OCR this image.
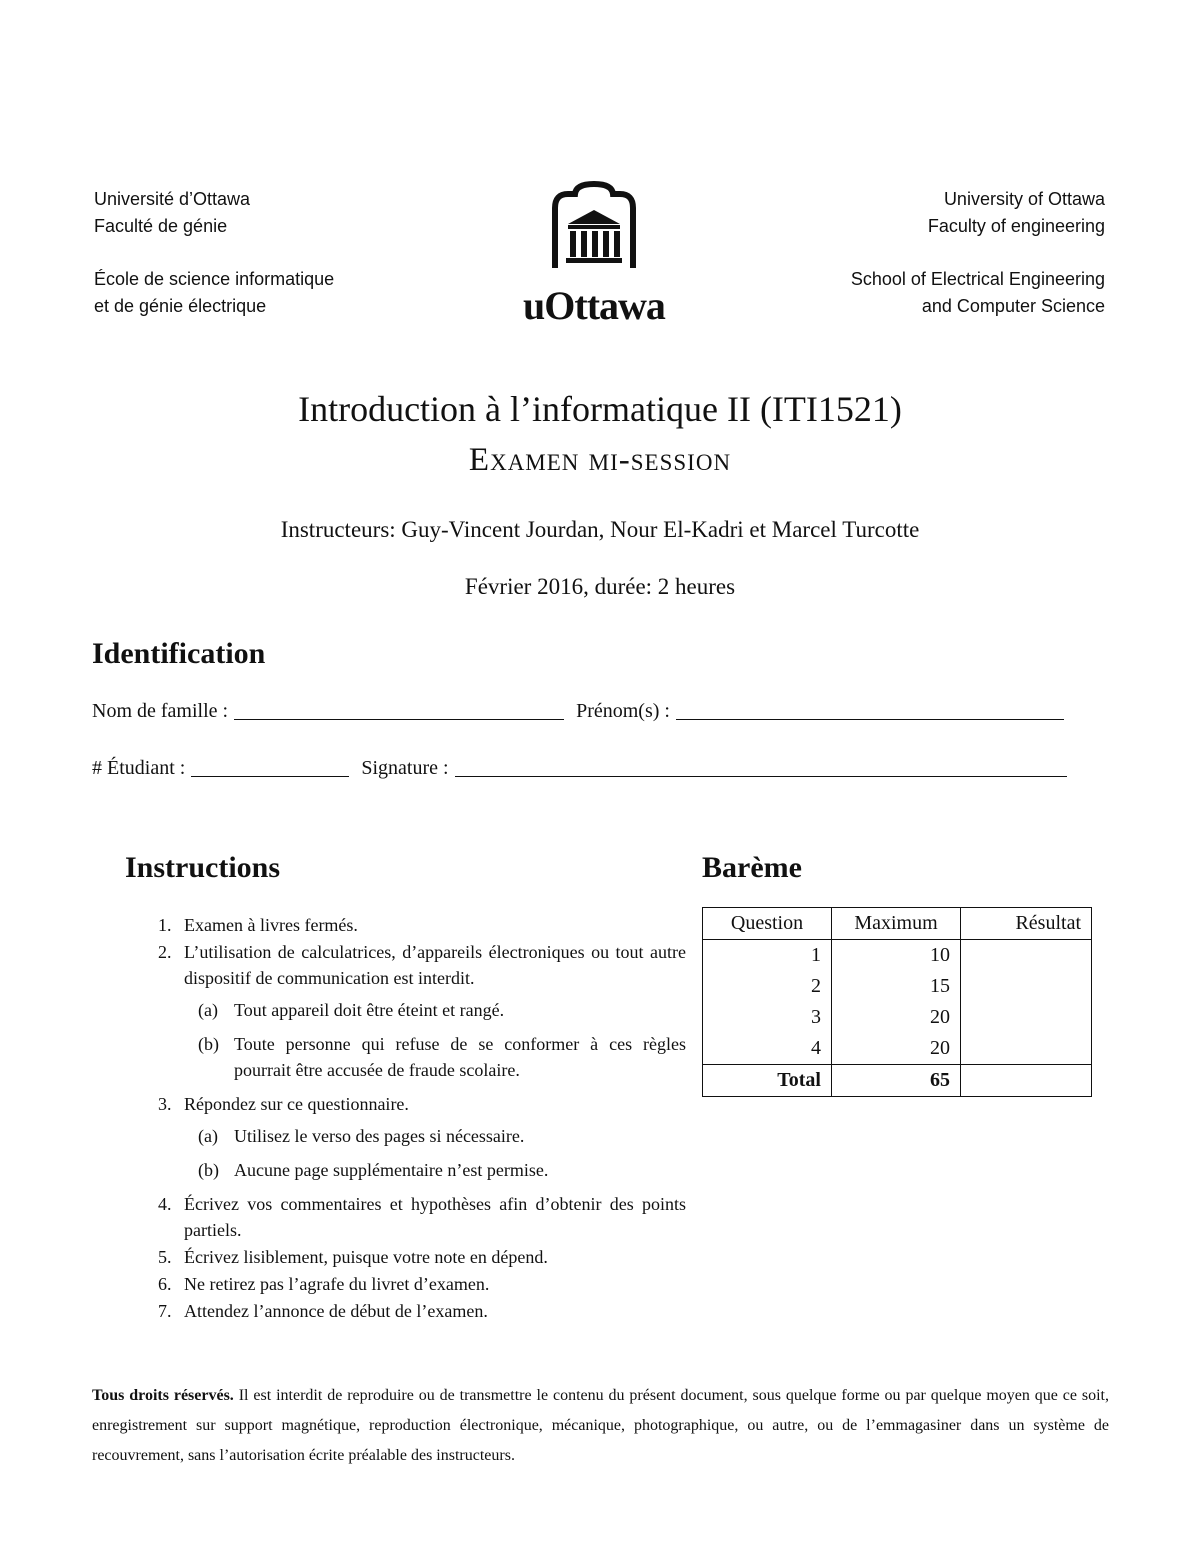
Université d’Ottawa
Faculté de génie
École de science informatique
et de génie électrique
University of Ottawa
Faculty of engineering
School of Electrical Engineering
and Computer Science
uOttawa
Introduction à l’informatique II (ITI1521)
Examen mi-session
Instructeurs: Guy-Vincent Jourdan, Nour El-Kadri et Marcel Turcotte
Février 2016, durée: 2 heures
Identification
Nom de famille :	Prénom(s) :
# Étudiant :	Signature :
Instructions
1. Examen à livres fermés.
2. L’utilisation de calculatrices, d’appareils électroniques ou tout autre dispositif de communication est interdit.
(a) Tout appareil doit être éteint et rangé.
(b) Toute personne qui refuse de se conformer à ces règles pourrait être accusée de fraude scolaire.
3. Répondez sur ce questionnaire.
(a) Utilisez le verso des pages si nécessaire.
(b) Aucune page supplémentaire n’est permise.
4. Écrivez vos commentaires et hypothèses afin d’obtenir des points partiels.
5. Écrivez lisiblement, puisque votre note en dépend.
6. Ne retirez pas l’agrafe du livret d’examen.
7. Attendez l’annonce de début de l’examen.
Barème
Question	Maximum	Résultat
1	10	
2	15	
3	20	
4	20	
Total	65	
Tous droits réservés. Il est interdit de reproduire ou de transmettre le contenu du présent document, sous quelque forme ou par quelque moyen que ce soit, enregistrement sur support magnétique, reproduction électronique, mécanique, photographique, ou autre, ou de l’emmagasiner dans un système de recouvrement, sans l’autorisation écrite préalable des instructeurs.
